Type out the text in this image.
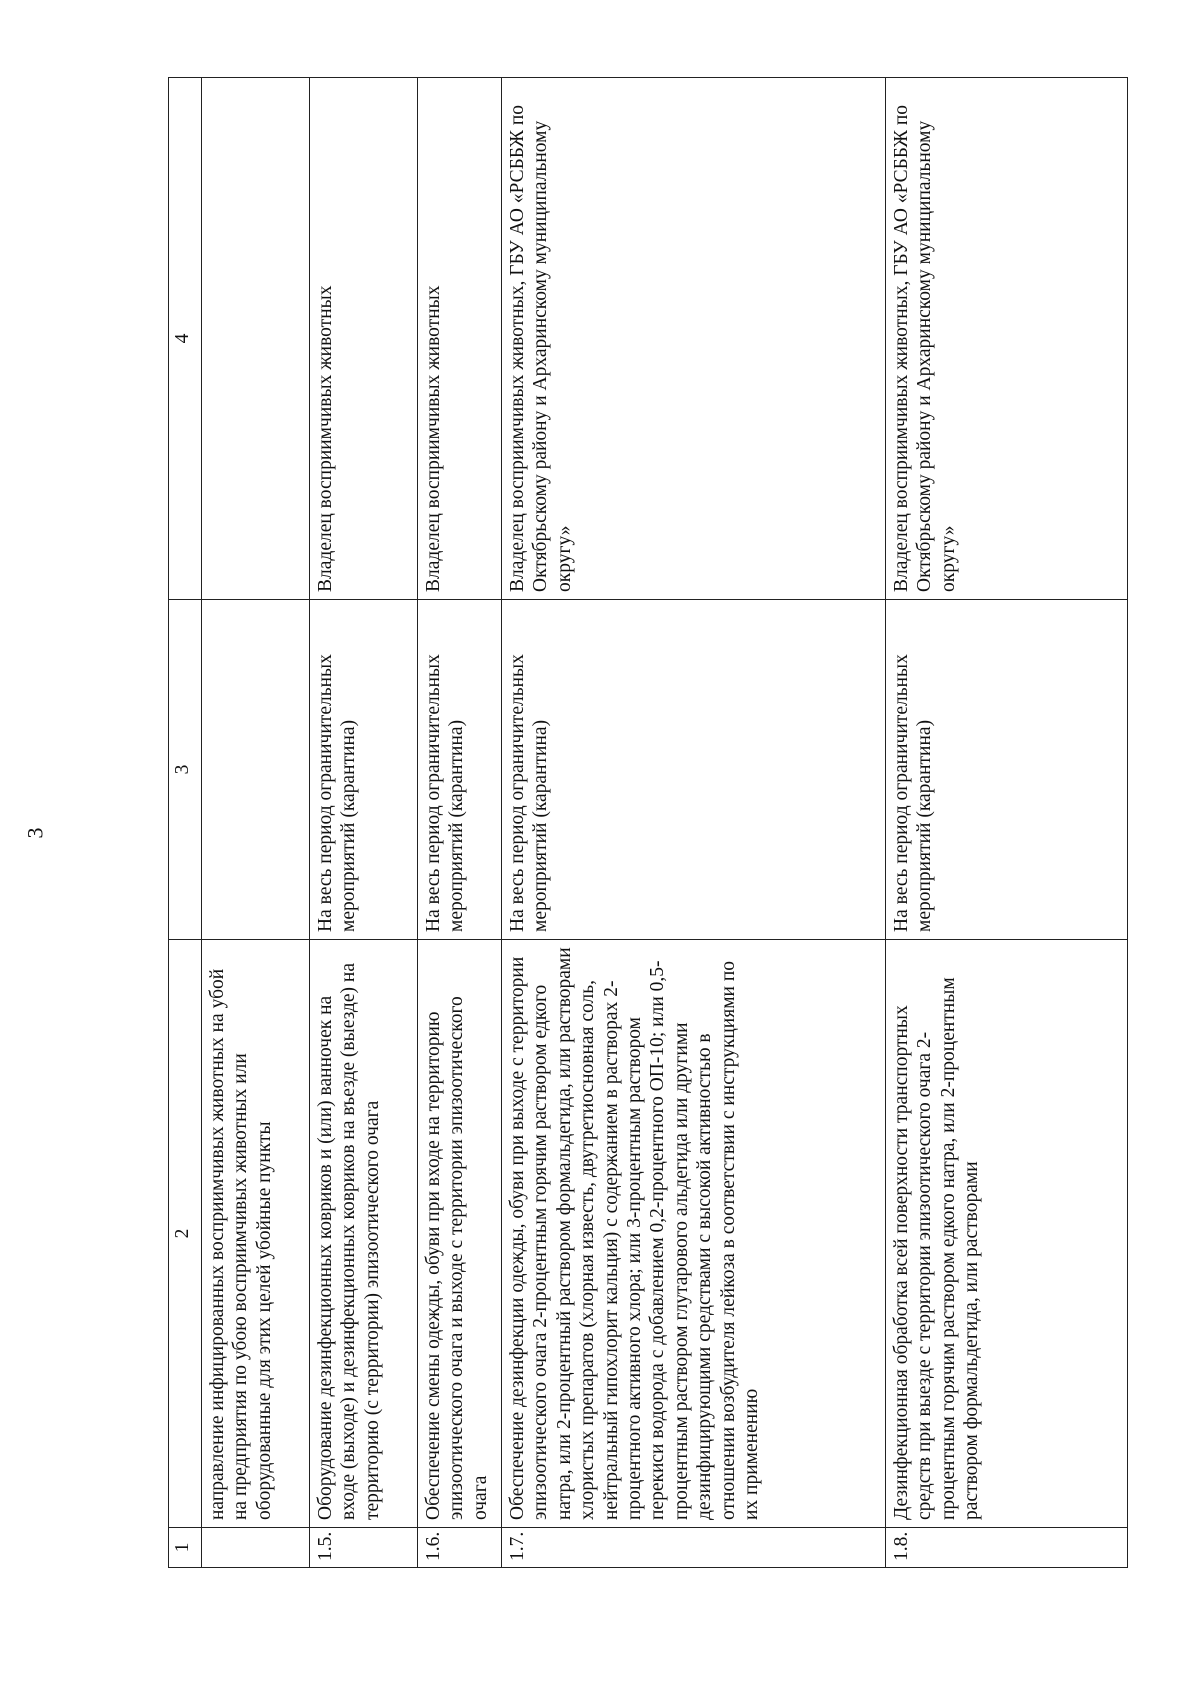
3
1	2	3	4
	направление инфицированных восприимчивых животных на убой на предприятия по убою восприимчивых животных или оборудованные для этих целей убойные пункты		
1.5.	Оборудование дезинфекционных ковриков и (или) ванночек на входе (выходе) и дезинфекционных ковриков на въезде (выезде) на территорию (с территории) эпизоотического очага	На весь период ограничительных мероприятий (карантина)	Владелец восприимчивых животных
1.6.	Обеспечение смены одежды, обуви при входе на территорию эпизоотического очага и выходе с территории эпизоотического очага	На весь период ограничительных мероприятий (карантина)	Владелец восприимчивых животных
1.7.	Обеспечение дезинфекции одежды, обуви при выходе с территории эпизоотического очага 2-процентным горячим раствором едкого натра, или 2-процентный раствором формальдегида, или растворами хлористых препаратов (хлорная известь, двутретиосновная соль, нейтральный гипохлорит кальция) с содержанием в растворах 2-процентного активного хлора; или 3-процентным раствором перекиси водорода с добавлением 0,2-процентного ОП-10; или 0,5-процентным раствором глутарового альдегида или другими дезинфицирующими средствами с высокой активностью в отношении возбудителя лейкоза в соответствии с инструкциями по их применению	На весь период ограничительных мероприятий (карантина)	Владелец восприимчивых животных, ГБУ АО «РСББЖ по Октябрьскому району и Архаринскому муниципальному округу»
1.8.	Дезинфекционная обработка всей поверхности транспортных средств при выезде с территории эпизоотического очага 2-процентным горячим раствором едкого натра, или 2-процентным раствором формальдегида, или растворами	На весь период ограничительных мероприятий (карантина)	Владелец восприимчивых животных, ГБУ АО «РСББЖ по Октябрьскому району и Архаринскому муниципальному округу»
